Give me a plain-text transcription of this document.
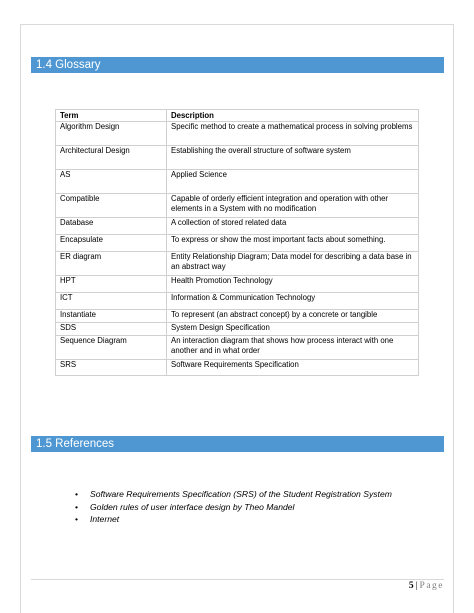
1.4 Glossary
Term	Description
Algorithm Design	Specific method to create a mathematical process in solving problems
Architectural Design	Establishing the overall structure of software system
AS	Applied Science
Compatible	Capable of orderly efficient integration and operation with other elements in a System with no modification
Database	A collection of stored related data
Encapsulate	To express or show the most important facts about something.
ER diagram	Entity Relationship Diagram; Data model for describing a data base in an abstract way
HPT	Health Promotion Technology
ICT	Information & Communication Technology
Instantiate	To represent (an abstract concept) by a concrete or tangible
SDS	System Design Specification
Sequence Diagram	An interaction diagram that shows how process interact with one another and in what order
SRS	Software Requirements Specification
1.5 References
• Software Requirements Specification (SRS) of the Student Registration System
• Golden rules of user interface design by Theo Mandel
• Internet
5 | Page
